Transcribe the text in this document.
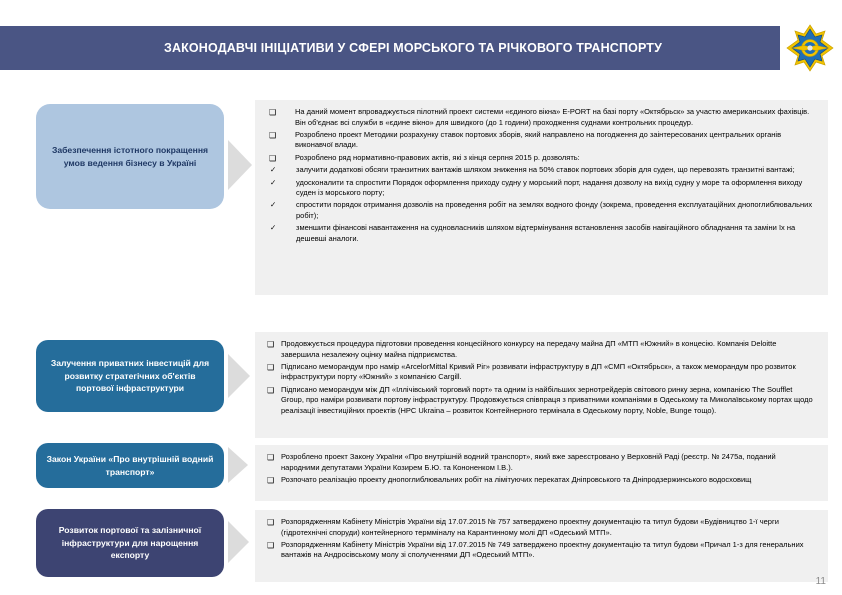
ЗАКОНОДАВЧІ ІНІЦІАТИВИ У СФЕРІ МОРСЬКОГО ТА РІЧКОВОГО ТРАНСПОРТУ
Забезпечення істотного покращення умов ведення бізнесу в Україні
❑	На даний момент впроваджується пілотний проект системи «єдиного вікна» E-PORT на базі порту «Октябрьск» за участю американських фахівців. Він об'єднає всі служби в «єдине вікно» для швидкого (до 1 години) проходження суднами контрольних процедур.
❑	Розроблено проект Методики розрахунку ставок портових зборів, який направлено на погодження до заінтересованих центральних органів виконавчої влади.
❑	Розроблено ряд нормативно-правових актів, які з кінця серпня 2015 р. дозволять:
✓	залучити додаткові обсяги транзитних вантажів шляхом зниження на 50% ставок портових зборів для суден, що перевозять транзитні вантажі;
✓	удосконалити та спростити Порядок оформлення приходу судну у морський порт, надання дозволу на вихід судну у море та оформлення виходу суден із морського порту;
✓	спростити порядок отримання дозволів на проведення робіт на землях водного фонду (зокрема, проведення експлуатаційних днопоглиблювальних робіт);
✓	зменшити фінансові навантаження на судновласників шляхом відтермінування встановлення засобів навігаційного обладнання та заміни їх на дешевші аналоги.
Залучення приватних інвестицій для розвитку стратегічних об'єктів портової інфраструктури
❑ Продовжується процедура підготовки проведення концесійного конкурсу на передачу майна ДП «МТП «Южний» в концесію. Компанія Deloitte завершила незалежну оцінку майна підприємства.
❑ Підписано меморандум про намір «ArcelorMittal Кривий Ріг» розвивати інфраструктуру в ДП «СМП «Октябрьск», а також меморандум про розвиток інфраструктури порту «Южний» з компанією Cargill.
❑ Підписано меморандум між ДП «Іллічівський торговий порт» та одним із найбільших зернотрейдерів світового ринку зерна, компанією The Soufflet Group, про наміри розвивати портову інфраструктуру. Продовжується співпраця з приватними компаніями в Одеському та Миколаївському портах щодо реалізації інвестиційних проектів (HPC Ukraina – розвиток Контейнерного термінала в Одеському порту, Noble, Bunge тощо).
Закон України «Про внутрішній водний транспорт»
❑ Розроблено проект Закону України «Про внутрішній водний транспорт», який вже зареєстровано у Верховній Раді (реєстр. № 2475а, поданий народними депутатами України Козирем Б.Ю. та Кононенком І.В.).
❑ Розпочато реалізацію проекту днопоглиблювальних робіт на лімітуючих перекатах Дніпровського та Дніпродзержинського водосховищ
Розвиток портової та залізничної інфраструктури для нарощення експорту
❑ Розпорядженням Кабінету Міністрів України від 17.07.2015 № 757 затверджено проектну документацію та титул будови «Будівництво 1-ї черги (гідротехнічні споруди) контейнерного термміналу на Карантинному молі ДП «Одеський МТП».
❑ Розпорядженням Кабінету Міністрів України від 17.07.2015 № 749 затверджено проектну документацію та титул будови «Причал 1-з для генеральних вантажів на Андросівському молу зі сполученнями ДП «Одеський МТП».
11
